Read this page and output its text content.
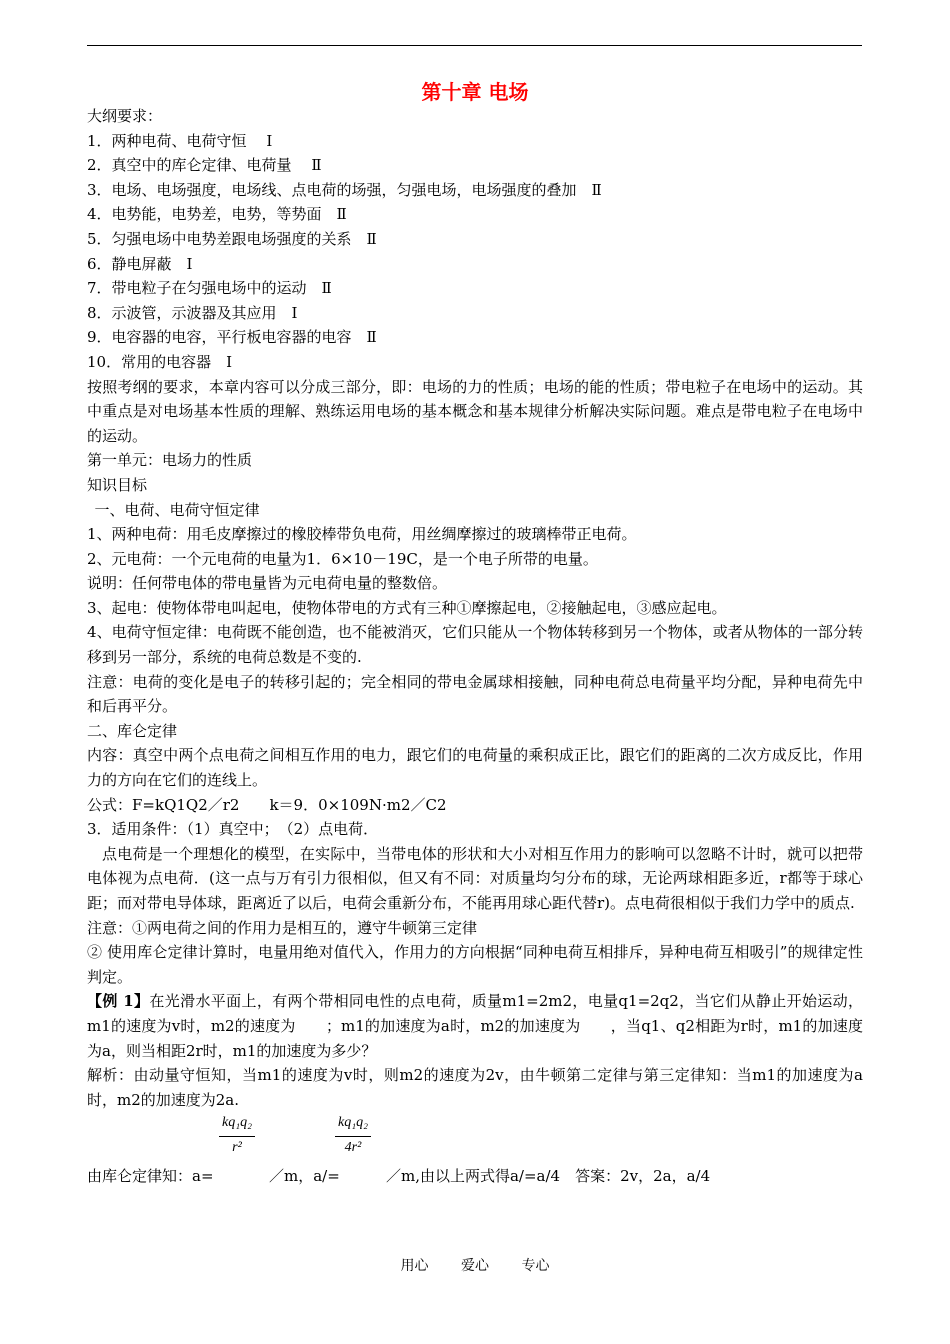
第十章 电场

大纲要求：

1．两种电荷、电荷守恒　 Ⅰ

2．真空中的库仑定律、电荷量　 Ⅱ

3．电场、电场强度，电场线、点电荷的场强，匀强电场，电场强度的叠加　Ⅱ

4．电势能，电势差，电势，等势面　Ⅱ

5．匀强电场中电势差跟电场强度的关系　Ⅱ

6．静电屏蔽　Ⅰ

7．带电粒子在匀强电场中的运动　Ⅱ

8．示波管，示波器及其应用　Ⅰ

9．电容器的电容，平行板电容器的电容　Ⅱ

10．常用的电容器　Ⅰ

按照考纲的要求，本章内容可以分成三部分，即：电场的力的性质；电场的能的性质；带电粒子在电场中的运动。其中重点是对电场基本性质的理解、熟练运用电场的基本概念和基本规律分析解决实际问题。难点是带电粒子在电场中的运动。

第一单元：电场力的性质

知识目标

一、电荷、电荷守恒定律

1、两种电荷：用毛皮摩擦过的橡胶棒带负电荷，用丝绸摩擦过的玻璃棒带正电荷。

2、元电荷：一个元电荷的电量为1．6×10－19C，是一个电子所带的电量。

说明：任何带电体的带电量皆为元电荷电量的整数倍。

3、起电：使物体带电叫起电，使物体带电的方式有三种①摩擦起电，②接触起电，③感应起电。

4、电荷守恒定律：电荷既不能创造，也不能被消灭，它们只能从一个物体转移到另一个物体，或者从物体的一部分转移到另一部分，系统的电荷总数是不变的.

注意：电荷的变化是电子的转移引起的；完全相同的带电金属球相接触，同种电荷总电荷量平均分配，异种电荷先中和后再平分。

二、库仑定律

内容：真空中两个点电荷之间相互作用的电力，跟它们的电荷量的乘积成正比，跟它们的距离的二次方成反比，作用力的方向在它们的连线上。

公式：F=kQ1Q2／r2　　k＝9．0×109N·m2／C2

3．适用条件：（1）真空中；　（2）点电荷．

点电荷是一个理想化的模型，在实际中，当带电体的形状和大小对相互作用力的影响可以忽略不计时，就可以把带电体视为点电荷．(这一点与万有引力很相似，但又有不同：对质量均匀分布的球，无论两球相距多近，r都等于球心距；而对带电导体球，距离近了以后，电荷会重新分布，不能再用球心距代替r)。点电荷很相似于我们力学中的质点.

注意：①两电荷之间的作用力是相互的，遵守牛顿第三定律

② 使用库仑定律计算时，电量用绝对值代入，作用力的方向根据“同种电荷互相排斥，异种电荷互相吸引”的规律定性判定。

【例 1】在光滑水平面上，有两个带相同电性的点电荷，质量m1=2m2，电量q1=2q2，当它们从静止开始运动，m1的速度为v时，m2的速度为　　；m1的加速度为a时，m2的加速度为　　，当q1、q2相距为r时，m1的加速度为a，则当相距2r时，m1的加速度为多少？

解析：由动量守恒知，当m1的速度为v时，则m2的速度为2v，由牛顿第二定律与第三定律知：当m1的加速度为a时，m2的加速度为2a.

由库仑定律知：a=
$\frac{\text{kq₁q₂}}{\text{r²}}$
／m，a/=
$\frac{\text{kq₁q₂}}{\text{4r²}}$
／m,由以上两式得a/=a/4　答案：2v，2a，a/4
用心 爱心 专心
